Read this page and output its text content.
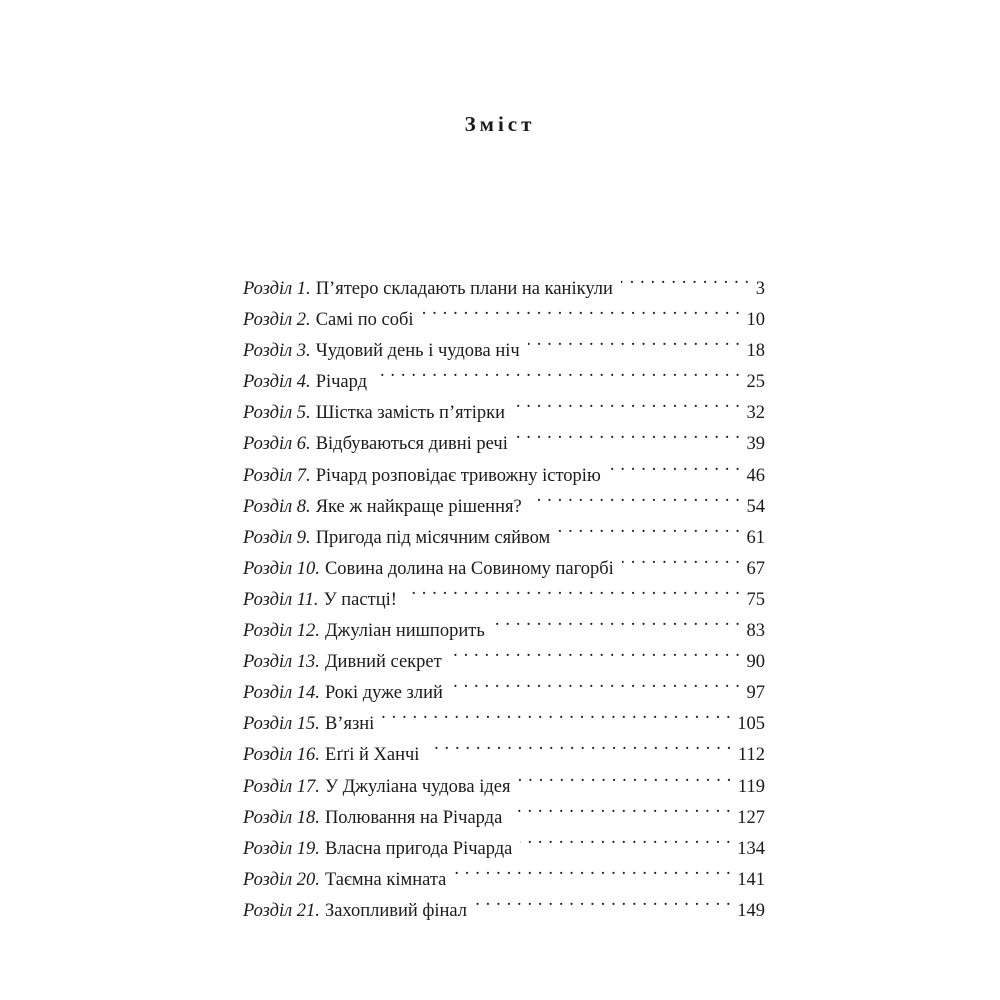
Зміст
Розділ 1. П’ятеро складають плани на канікули . . .	3
Розділ 2. Самі по собі . . .	10
Розділ 3. Чудовий день і чудова ніч . . .	18
Розділ 4. Річард . . .	25
Розділ 5. Шістка замість п’ятірки . . .	32
Розділ 6. Відбуваються дивні речі . . .	39
Розділ 7. Річард розповідає тривожну історію . . .	46
Розділ 8. Яке ж найкраще рішення? . . .	54
Розділ 9. Пригода під місячним сяйвом . . .	61
Розділ 10. Совина долина на Совиному пагорбі . . .	67
Розділ 11. У пастці! . . .	75
Розділ 12. Джуліан нишпорить . . .	83
Розділ 13. Дивний секрет . . .	90
Розділ 14. Рокі дуже злий . . .	97
Розділ 15. В’язні . . .	105
Розділ 16. Еґґі й Ханчі . . .	112
Розділ 17. У Джуліана чудова ідея . . .	119
Розділ 18. Полювання на Річарда . . .	127
Розділ 19. Власна пригода Річарда . . .	134
Розділ 20. Таємна кімната . . .	141
Розділ 21. Захопливий фінал . . .	149
